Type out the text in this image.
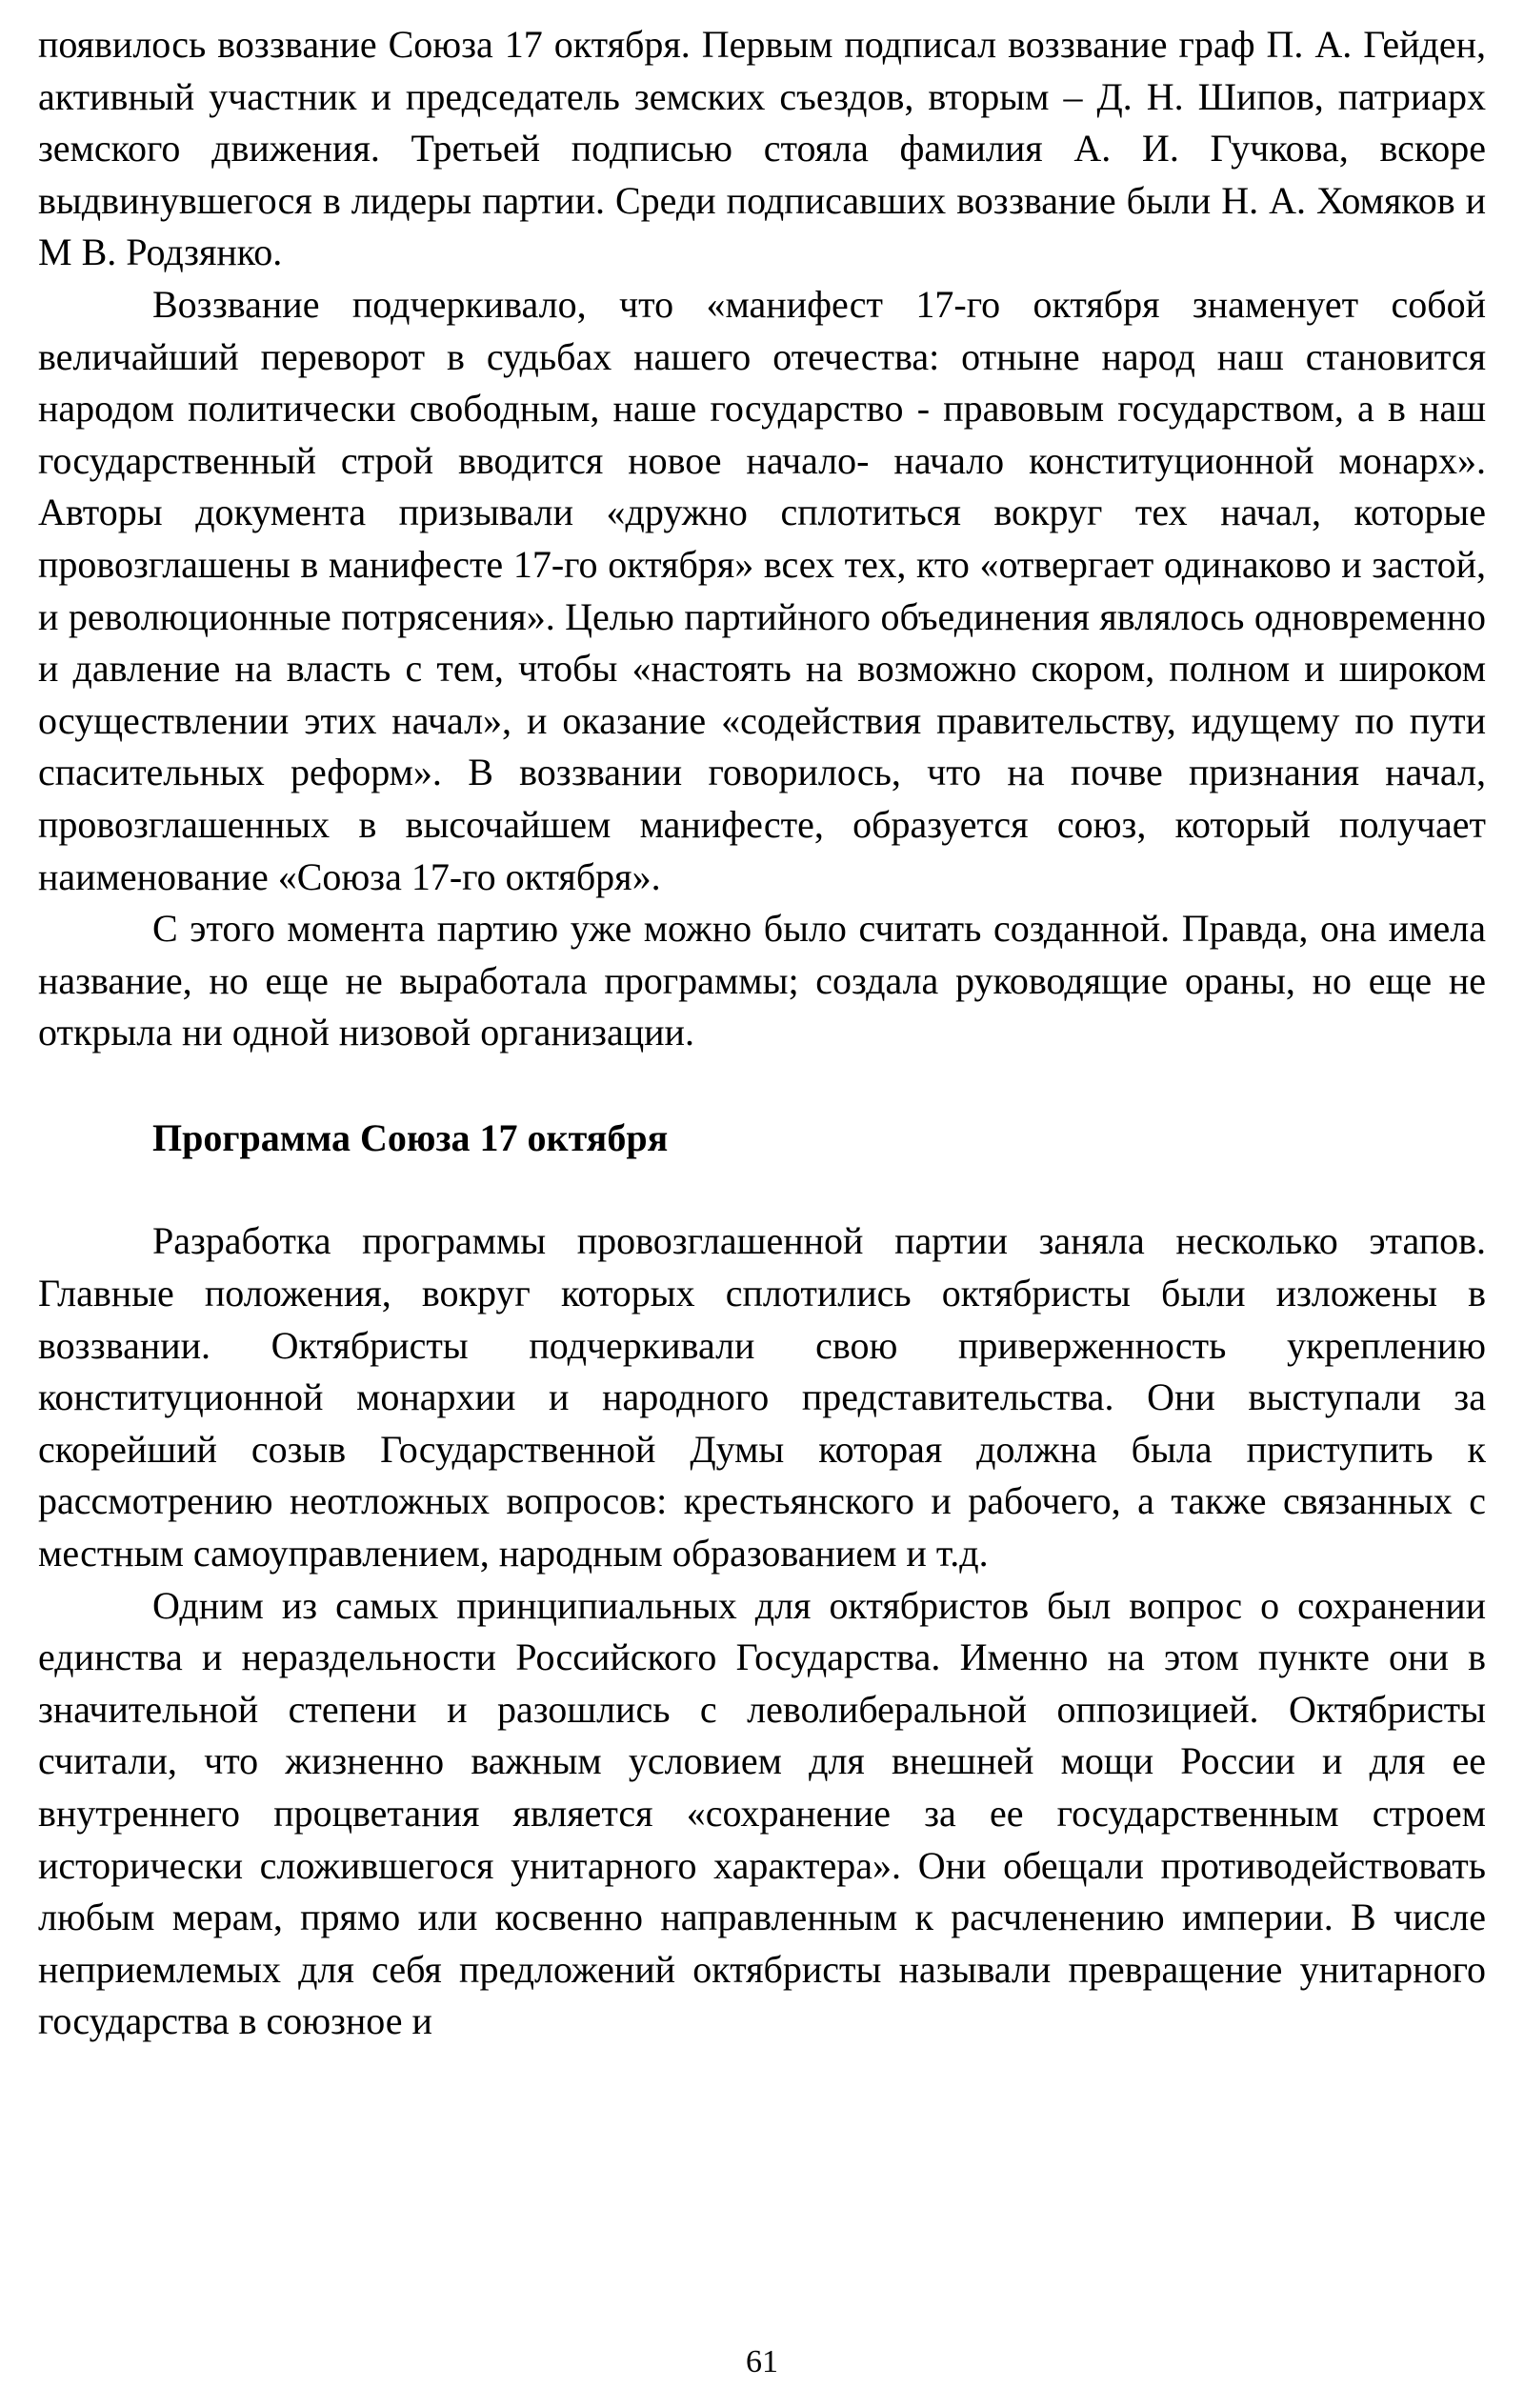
появилось воззвание Союза 17 октября. Первым подписал воззвание граф П. А. Гейден, активный участник и председатель земских съездов, вторым – Д. Н. Шипов, патриарх земского движения. Третьей подписью стояла фамилия А. И. Гучкова, вскоре выдвинувшегося в лидеры партии. Среди подписавших воззвание были Н. А. Хомяков и М В. Родзянко.

Воззвание подчеркивало, что «манифест 17-го октября знаменует собой величайший переворот в судьбах нашего отечества: отныне народ наш становится народом политически свободным, наше государство - правовым государством, а в наш государственный строй вводится новое начало- начало конституционной монарх». Авторы документа призывали «дружно сплотиться вокруг тех начал, которые провозглашены в манифесте 17-го октября» всех тех, кто «отвергает одинаково и застой, и революционные потрясения». Целью партийного объединения являлось одновременно и давление на власть с тем, чтобы «настоять на возможно скором, полном и широком осуществлении этих начал», и оказание «содействия правительству, идущему по пути спасительных реформ». В воззвании говорилось, что на почве признания начал, провозглашенных в высочайшем манифесте, образуется союз, который получает наименование «Союза 17-го октября».

С этого момента партию уже можно было считать созданной. Правда, она имела название, но еще не выработала программы; создала руководящие ораны, но еще не открыла ни одной низовой организации.

Программа Союза 17 октября

Разработка программы провозглашенной партии заняла несколько этапов. Главные положения, вокруг которых сплотились октябристы были изложены в воззвании. Октябристы подчеркивали свою приверженность укреплению конституционной монархии и народного представительства. Они выступали за скорейший созыв Государственной Думы которая должна была приступить к рассмотрению неотложных вопросов: крестьянского и рабочего, а также связанных с местным самоуправлением, народным образованием и т.д.

Одним из самых принципиальных для октябристов был вопрос о сохранении единства и нераздельности Российского Государства. Именно на этом пункте они в значительной степени и разошлись с леволиберальной оппозицией. Октябристы считали, что жизненно важным условием для внешней мощи России и для ее внутреннего процветания является «сохранение за ее государственным строем исторически сложившегося унитарного характера». Они обещали противодействовать любым мерам, прямо или косвенно направленным к расчленению империи. В числе неприемлемых для себя предложений октябристы называли превращение унитарного государства в союзное и

61
